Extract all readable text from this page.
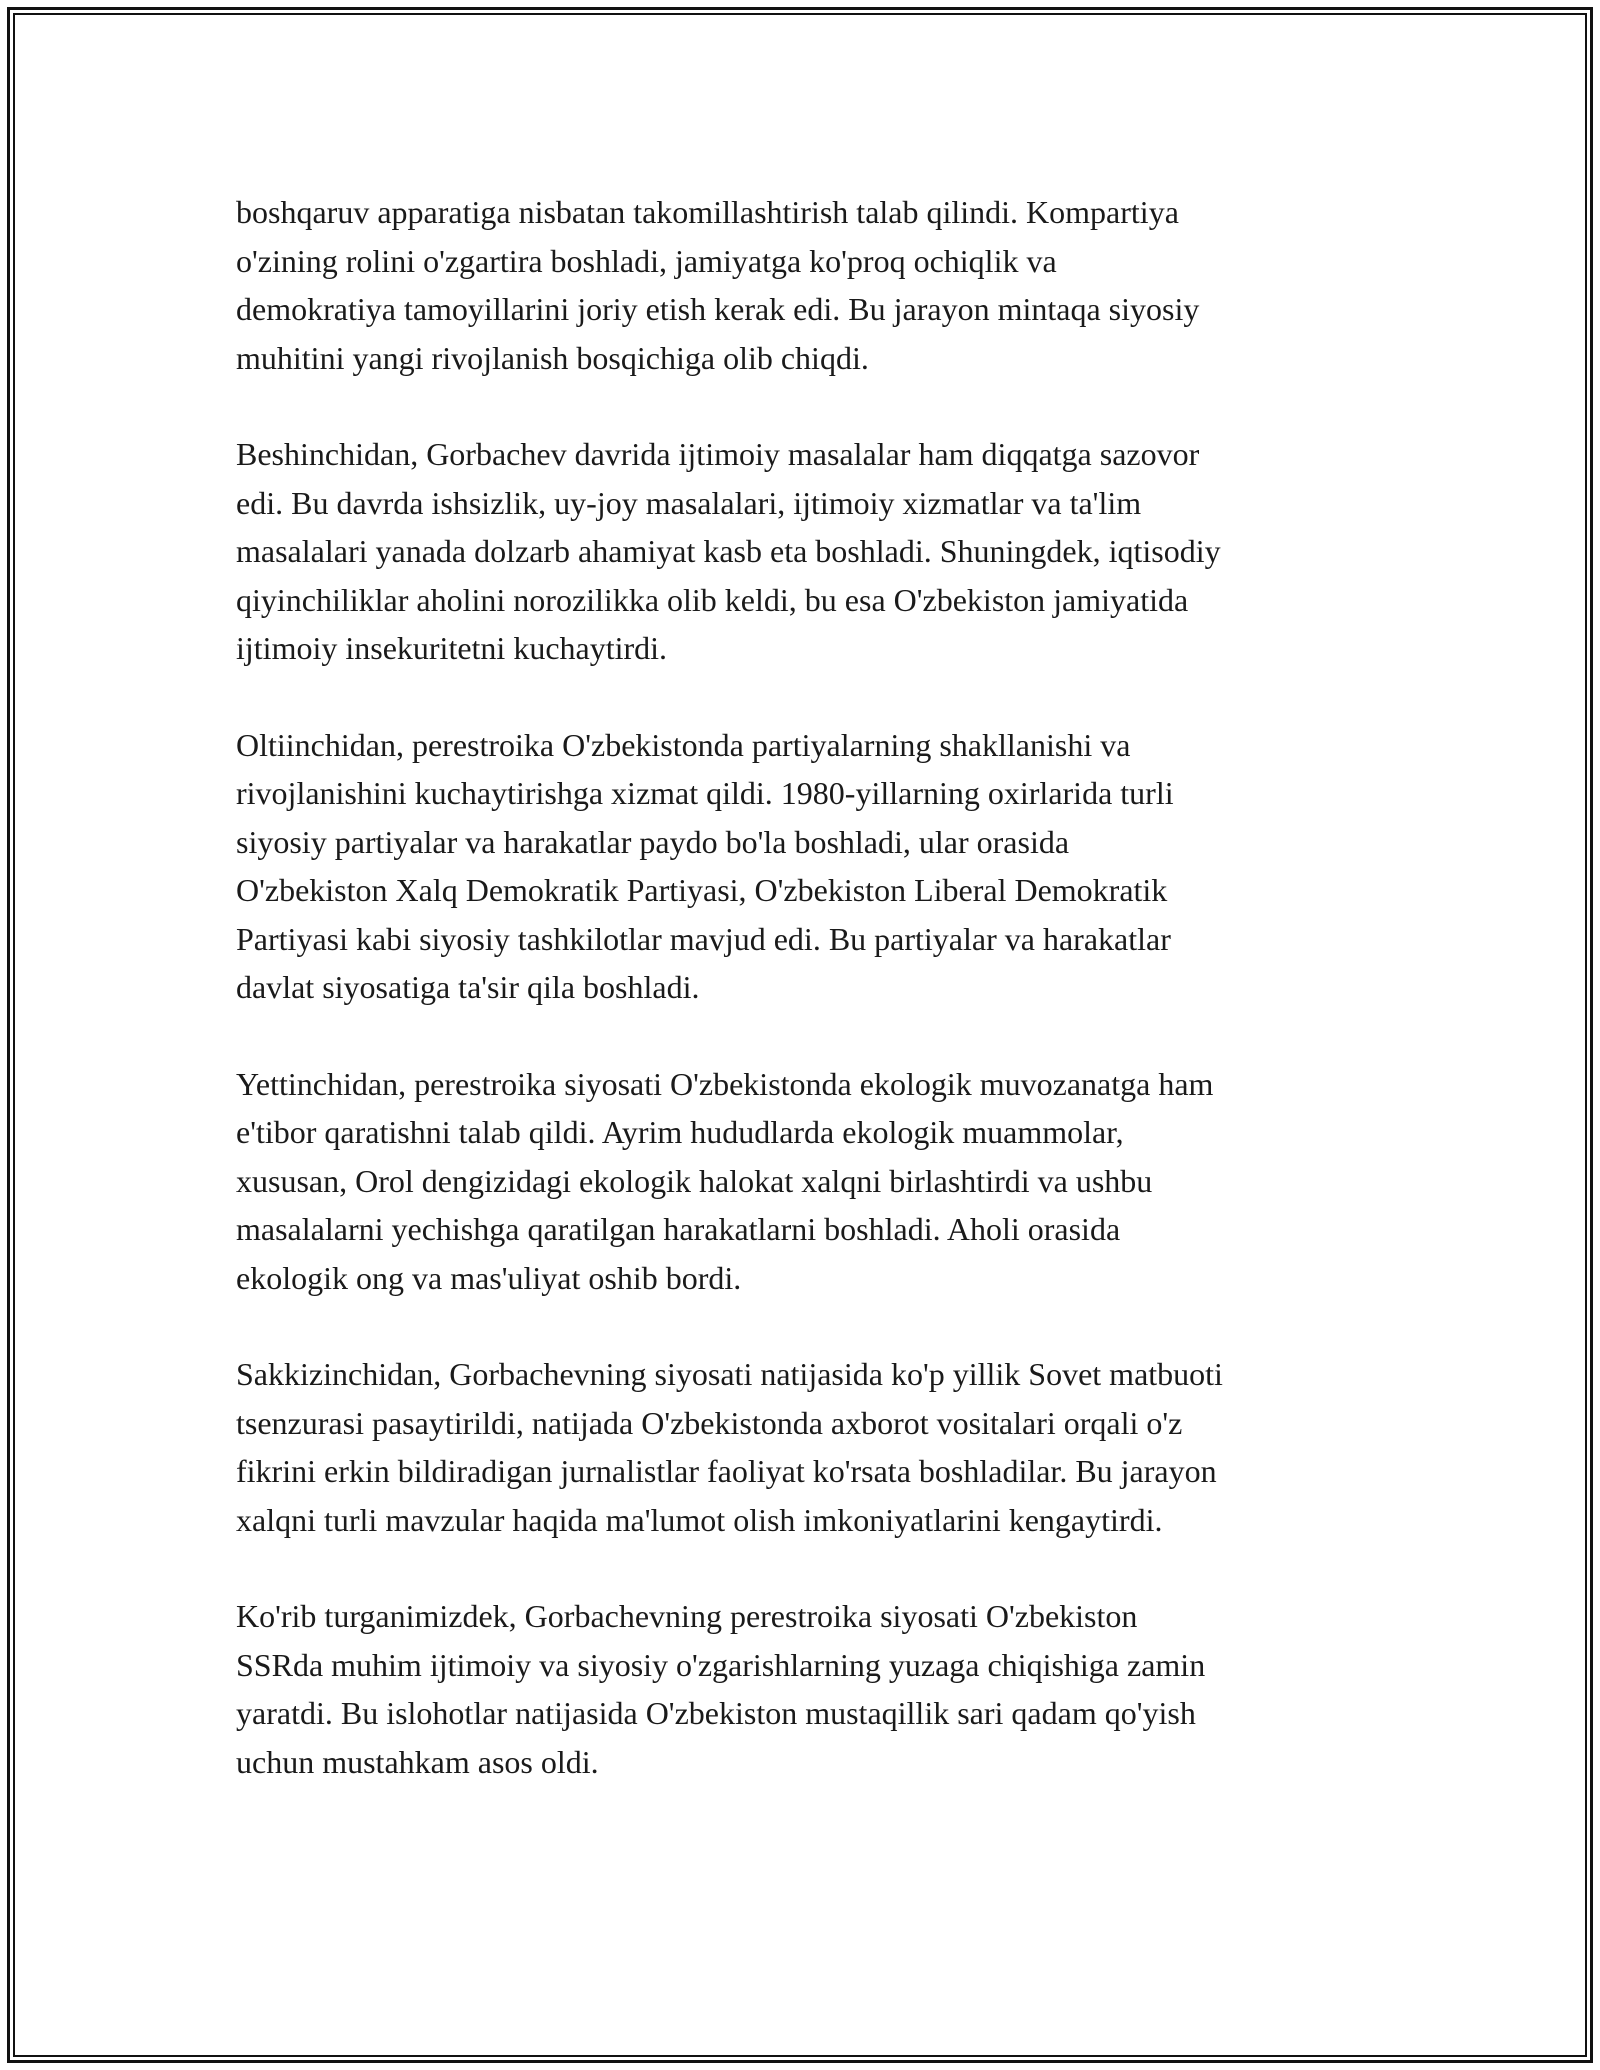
boshqaruv apparatiga nisbatan takomillashtirish talab qilindi. Kompartiya
o'zining rolini o'zgartira boshladi, jamiyatga ko'proq ochiqlik va
demokratiya tamoyillarini joriy etish kerak edi. Bu jarayon mintaqa siyosiy
muhitini yangi rivojlanish bosqichiga olib chiqdi.

Beshinchidan, Gorbachev davrida ijtimoiy masalalar ham diqqatga sazovor
edi. Bu davrda ishsizlik, uy-joy masalalari, ijtimoiy xizmatlar va ta'lim
masalalari yanada dolzarb ahamiyat kasb eta boshladi. Shuningdek, iqtisodiy
qiyinchiliklar aholini norozilikka olib keldi, bu esa O'zbekiston jamiyatida
ijtimoiy insekuritetni kuchaytirdi.

Oltiinchidan, perestroika O'zbekistonda partiyalarning shakllanishi va
rivojlanishini kuchaytirishga xizmat qildi. 1980-yillarning oxirlarida turli
siyosiy partiyalar va harakatlar paydo bo'la boshladi, ular orasida
O'zbekiston Xalq Demokratik Partiyasi, O'zbekiston Liberal Demokratik
Partiyasi kabi siyosiy tashkilotlar mavjud edi. Bu partiyalar va harakatlar
davlat siyosatiga ta'sir qila boshladi.

Yettinchidan, perestroika siyosati O'zbekistonda ekologik muvozanatga ham
e'tibor qaratishni talab qildi. Ayrim hududlarda ekologik muammolar,
xususan, Orol dengizidagi ekologik halokat xalqni birlashtirdi va ushbu
masalalarni yechishga qaratilgan harakatlarni boshladi. Aholi orasida
ekologik ong va mas'uliyat oshib bordi.

Sakkizinchidan, Gorbachevning siyosati natijasida ko'p yillik Sovet matbuoti
tsenzurasi pasaytirildi, natijada O'zbekistonda axborot vositalari orqali o'z
fikrini erkin bildiradigan jurnalistlar faoliyat ko'rsata boshladilar. Bu jarayon
xalqni turli mavzular haqida ma'lumot olish imkoniyatlarini kengaytirdi.

Ko'rib turganimizdek, Gorbachevning perestroika siyosati O'zbekiston
SSRda muhim ijtimoiy va siyosiy o'zgarishlarning yuzaga chiqishiga zamin
yaratdi. Bu islohotlar natijasida O'zbekiston mustaqillik sari qadam qo'yish
uchun mustahkam asos oldi.
